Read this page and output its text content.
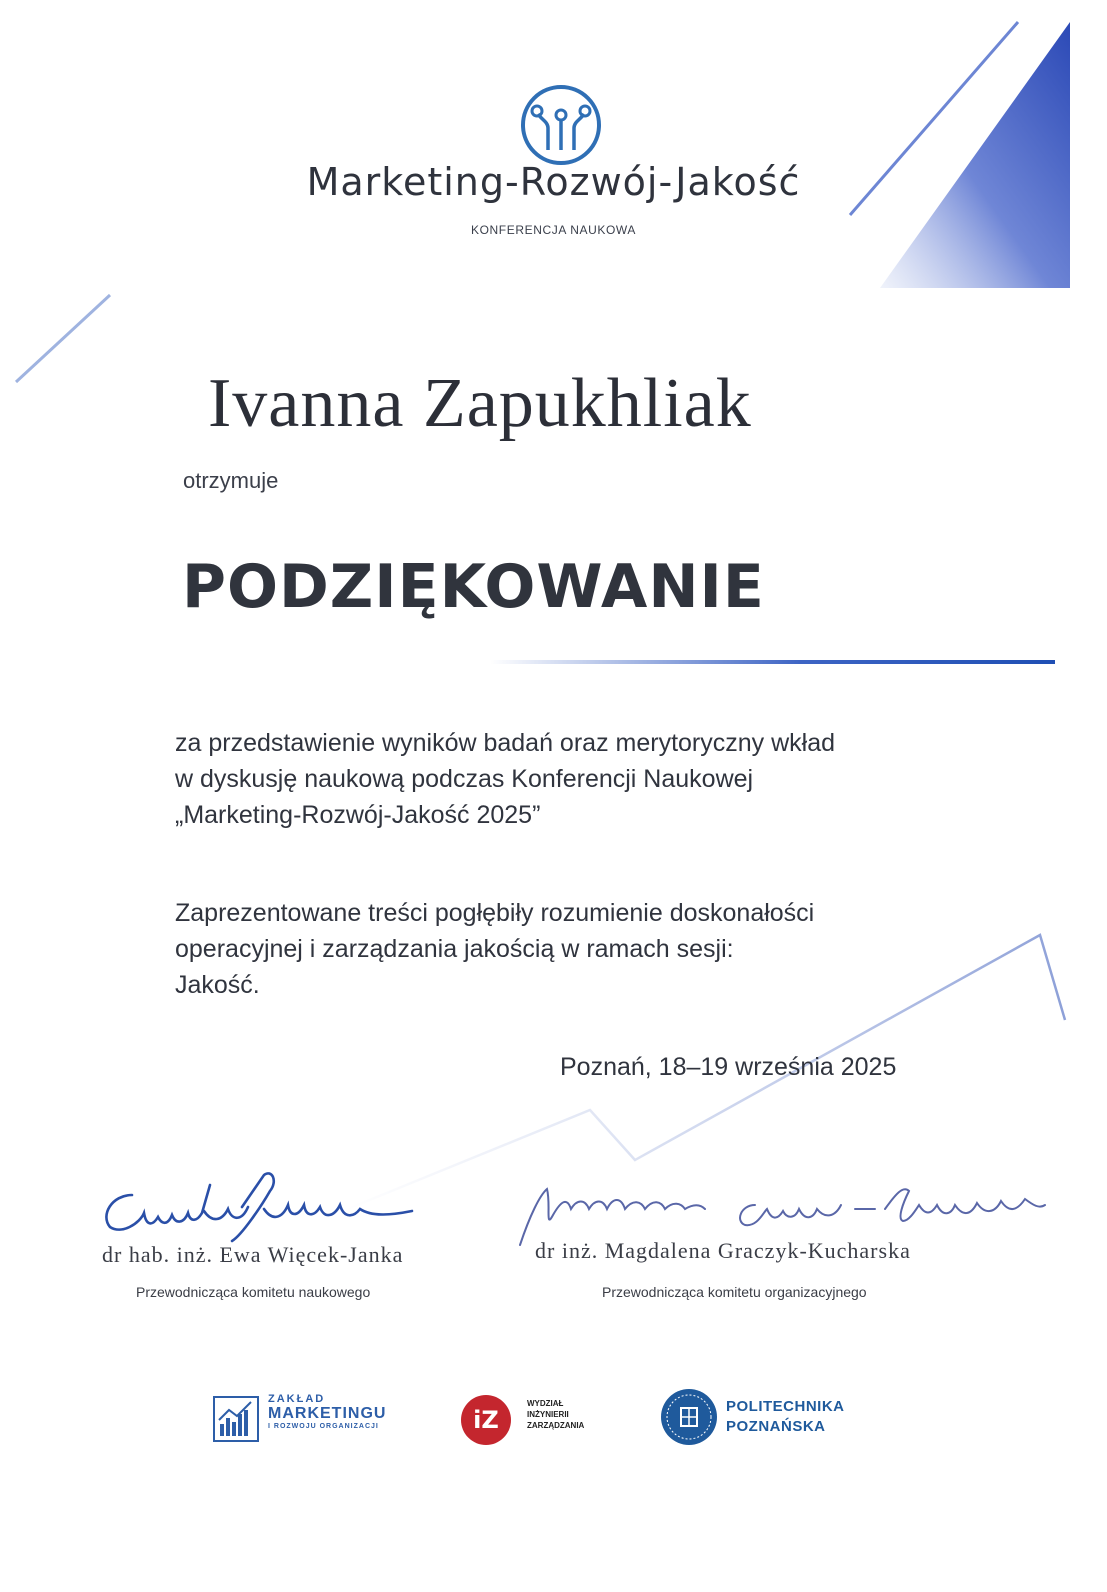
Marketing-Rozwój-Jakość
KONFERENCJA NAUKOWA
Ivanna Zapukhliak
otrzymuje
PODZIĘKOWANIE
za przedstawienie wyników badań oraz merytoryczny wkład
w dyskusję naukową podczas Konferencji Naukowej
„Marketing-Rozwój-Jakość 2025”
Zaprezentowane treści pogłębiły rozumienie doskonałości
operacyjnej i zarządzania jakością w ramach sesji:
Jakość.
Poznań, 18–19 września 2025
dr hab. inż. Ewa Więcek-Janka
Przewodnicząca komitetu naukowego
dr inż. Magdalena Graczyk-Kucharska
Przewodnicząca komitetu organizacyjnego
ZAKŁAD
MARKETINGU
I ROZWOJU ORGANIZACJI	iZ
WYDZIAŁ
INŻYNIERII
ZARZĄDZANIA
POLITECHNIKA
POZNAŃSKA
